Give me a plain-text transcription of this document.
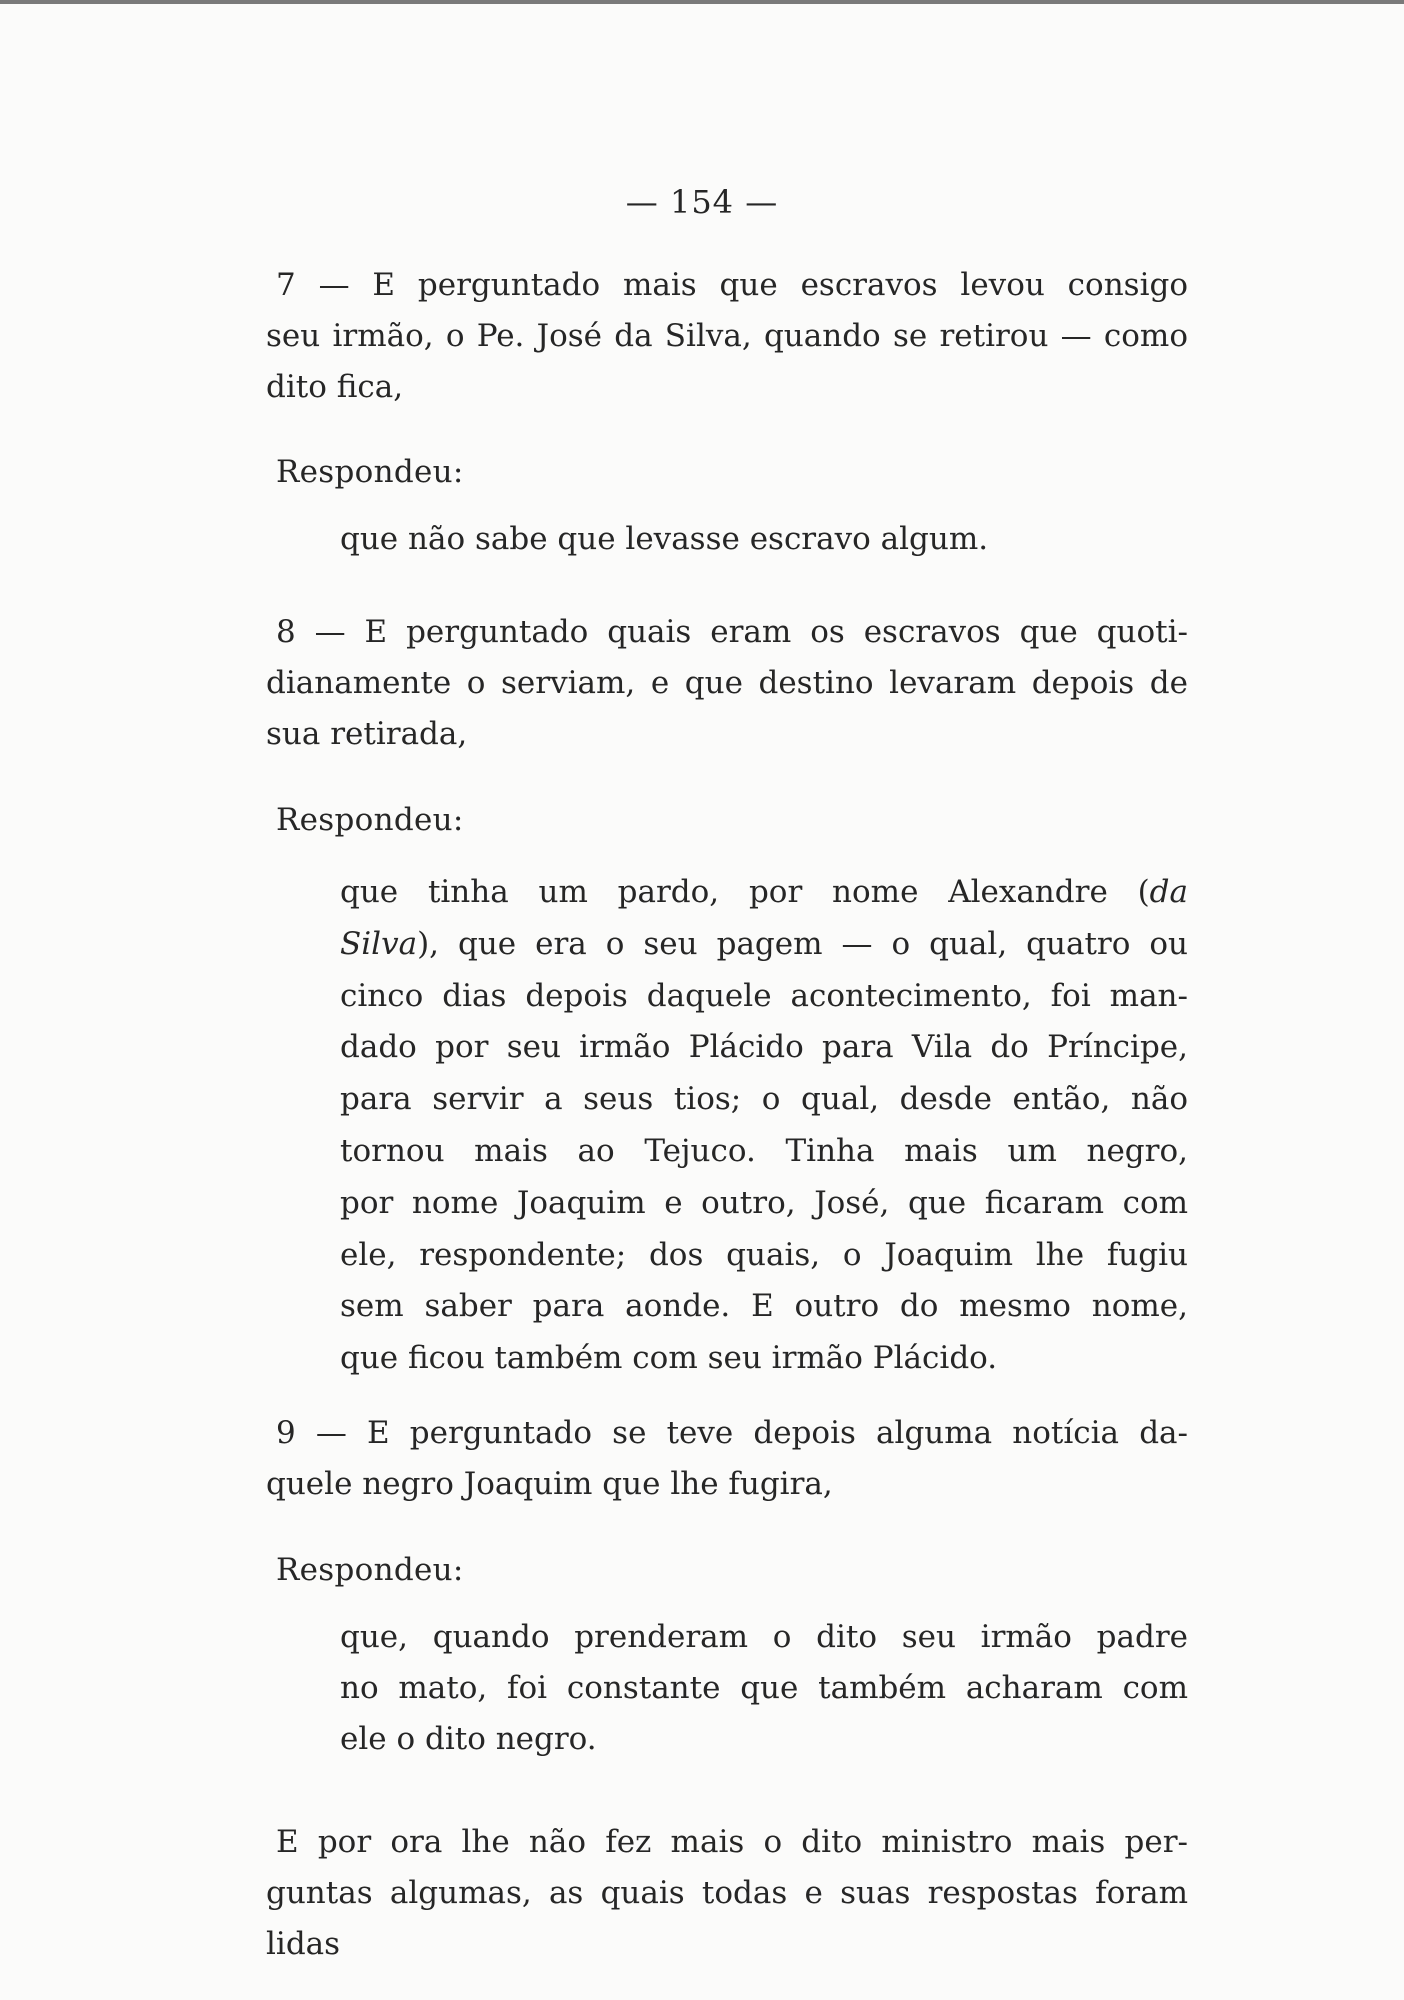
— 154 —
7 — E perguntado mais que escravos levou consigo
seu irmão, o Pe. José da Silva, quando se retirou — como
dito fica,
Respondeu:
que não sabe que levasse escravo algum.
8 — E perguntado quais eram os escravos que quoti-
dianamente o serviam, e que destino levaram depois de
sua retirada,
Respondeu:
que tinha um pardo, por nome Alexandre (da
Silva), que era o seu pagem — o qual, quatro ou
cinco dias depois daquele acontecimento, foi man-
dado por seu irmão Plácido para Vila do Príncipe,
para servir a seus tios; o qual, desde então, não
tornou mais ao Tejuco. Tinha mais um negro,
por nome Joaquim e outro, José, que ficaram com
ele, respondente; dos quais, o Joaquim lhe fugiu
sem saber para aonde. E outro do mesmo nome,
que ficou também com seu irmão Plácido.
9 — E perguntado se teve depois alguma notícia da-
quele negro Joaquim que lhe fugira,
Respondeu:
que, quando prenderam o dito seu irmão padre
no mato, foi constante que também acharam com
ele o dito negro.
E por ora lhe não fez mais o dito ministro mais per-
guntas algumas, as quais todas e suas respostas foram lidas
